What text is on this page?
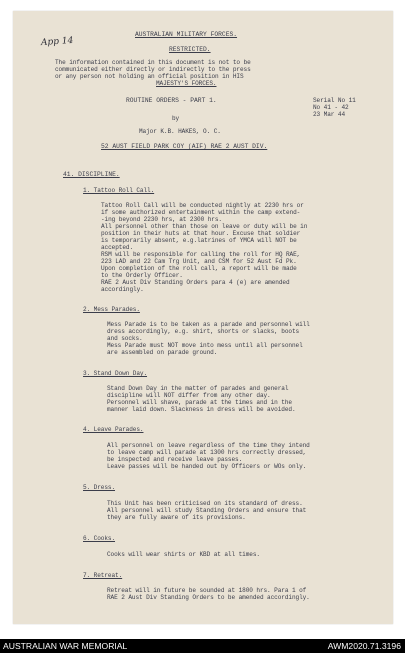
App 14
AUSTRALIAN MILITARY FORCES.
RESTRICTED.
The information contained in this document is not to be
communicated either directly or indirectly to the press
or any person not holding an official position in HIS
MAJESTY'S FORCES.
ROUTINE ORDERS - PART 1.	Serial No 11
No 41 - 42
23 Mar 44
by
Major K.B. HAKES, O. C.
52 AUST FIELD PARK COY (AIF) RAE 2 AUST DIV.
41. DISCIPLINE.
1. Tattoo Roll Call.
Tattoo Roll Call will be conducted nightly at 2230 hrs or
if some authorized entertainment within the camp extend-
-ing beyond 2230 hrs, at 2300 hrs.
All personnel other than those on leave or duty will be in
position in their huts at that hour. Excuse that soldier
is temporarily absent, e.g.latrines of YMCA will NOT be
accepted.
RSM will be responsible for calling the roll for HQ RAE,
223 LAD and 22 Cam Trg Unit, and CSM for 52 Aust Fd Pk.
Upon completion of the roll call, a report will be made
to the Orderly Officer.
RAE 2 Aust Div Standing Orders para 4 (e) are amended
accordingly.
2. Mess Parades.
Mess Parade is to be taken as a parade and personnel will
dress accordingly, e.g. shirt, shorts or slacks, boots
and socks.
Mess Parade must NOT move into mess until all personnel
are assembled on parade ground.
3. Stand Down Day.
Stand Down Day in the matter of parades and general
discipline will NOT differ from any other day.
Personnel will shave, parade at the times and in the
manner laid down. Slackness in dress will be avoided.
4. Leave Parades.
All personnel on leave regardless of the time they intend
to leave camp will parade at 1300 hrs correctly dressed,
be inspected and receive leave passes.
Leave passes will be handed out by Officers or WOs only.
5. Dress.
This Unit has been criticised on its standard of dress.
All personnel will study Standing Orders and ensure that
they are fully aware of its provisions.
6. Cooks.
Cooks will wear shirts or KBD at all times.
7. Retreat.
Retreat will in future be sounded at 1800 hrs. Para 1 of
RAE 2 Aust Div Standing Orders to be amended accordingly.
AUSTRALIAN WAR MEMORIAL	AWM2020.71.3196
